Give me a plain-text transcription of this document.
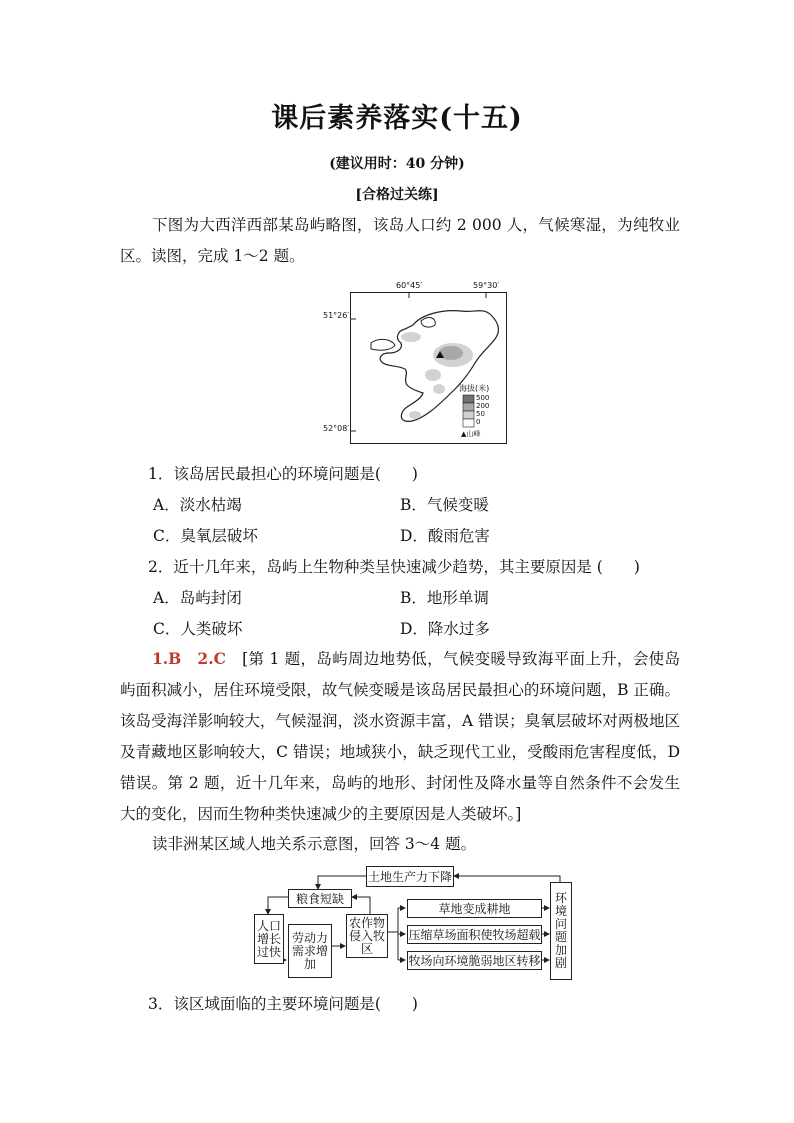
课后素养落实(十五)
(建议用时：40 分钟)
[合格过关练]
下图为大西洋西部某岛屿略图，该岛人口约 2 000 人，气候寒湿，为纯牧业区。读图，完成 1～2 题。
60°45′	59°30′
51°26′
52°08′
海拔(米)
500
200
50
0
▲山峰
1．该岛居民最担心的环境问题是(　　)
A．淡水枯竭	B．气候变暖
C．臭氧层破坏	D．酸雨危害
2．近十几年来，岛屿上生物种类呈快速减少趋势，其主要原因是 (　　)
A．岛屿封闭	B．地形单调
C．人类破坏	D．降水过多
1.B　2.C　 [第 1 题，岛屿周边地势低，气候变暖导致海平面上升，会使岛屿面积减小，居住环境受限，故气候变暖是该岛居民最担心的环境问题，B 正确。该岛受海洋影响较大，气候湿润，淡水资源丰富，A 错误；臭氧层破坏对两极地区及青藏地区影响较大，C 错误；地域狭小，缺乏现代工业，受酸雨危害程度低，D 错误。第 2 题，近十几年来，岛屿的地形、封闭性及降水量等自然条件不会发生大的变化，因而生物种类快速减少的主要原因是人类破坏。]
读非洲某区域人地关系示意图，回答 3～4 题。
土地生产力下降
粮食短缺
人口增长过快
劳动力需求增加
农作物侵入牧区
草地变成耕地
压缩草场面积使牧场超载
牧场向环境脆弱地区转移
环境问题加剧
3．该区域面临的主要环境问题是(　　)
